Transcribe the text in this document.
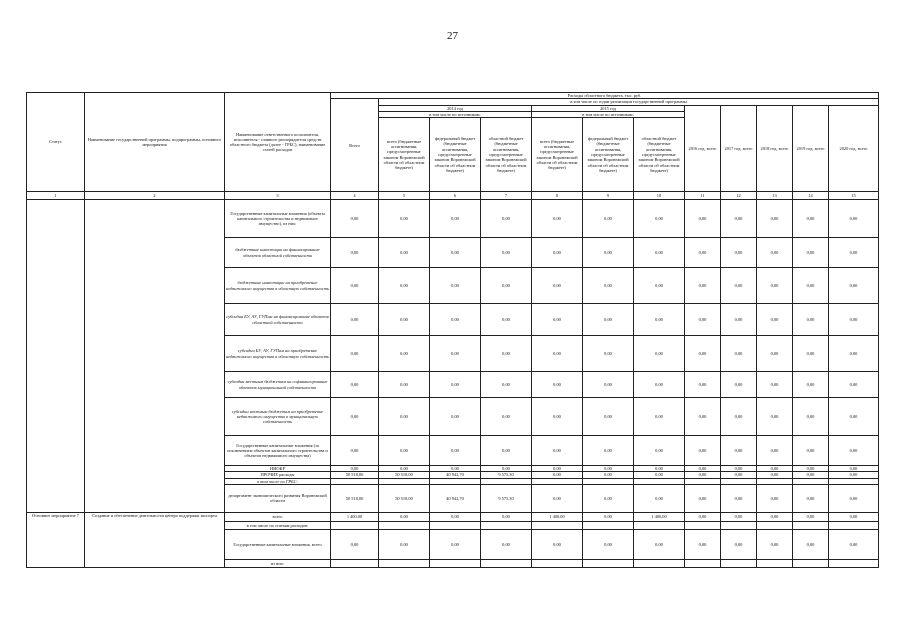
27
Статус	Наименование государственной программы, подпрограммы, основного мероприятия	Наименование ответственного исполнителя, исполнителя - главного распорядителя средств областного бюджета (далее - ГРБС), наименование статей расходов	Расходы областного бюджета, тыс. руб.											
			Всего	в том числе по годам реализации государственной программы										
				2014 год			2015 год			2016 год, всего	2017 год, всего	2018 год, всего	2019 год, всего	2020 год, всего
				в том числе по источникам:			в том числе по источникам:							
				всего (бюджетные ассигнования, предусмотренные законом Воронежской области об областном бюджете)	федеральный бюджет (бюджетные ассигнования, предусмотренные законом Воронежской области об областном бюджете)	областной бюджет (бюджетные ассигнования, предусмотренные законом Воронежской области об областном бюджете)	всего (бюджетные ассигнования, предусмотренные законом Воронежской области об областном бюджете)	федеральный бюджет (бюджетные ассигнования, предусмотренные законом Воронежской области об областном бюджете)	областной бюджет (бюджетные ассигнования, предусмотренные законом Воронежской области об областном бюджете)					
1	2	3	4	5	6	7	8	9	10	11	12	13	14	15
		Государственные капитальные вложения (объекты капитального строительства и недвижимое имущество), из них:	0,00	0,00	0,00	0,00	0,00	0,00	0,00	0,00	0,00	0,00	0,00	0,00
		бюджетные инвестиции на финансирование объектов областной собственности	0,00	0,00	0,00	0,00	0,00	0,00	0,00	0,00	0,00	0,00	0,00	0,00
		бюджетные инвестиции на приобретение недвижимого имущества в областную собственность	0,00	0,00	0,00	0,00	0,00	0,00	0,00	0,00	0,00	0,00	0,00	0,00
		субсидии БУ, АУ, ГУПам на финансирование объектов областной собственности	0,00	0,00	0,00	0,00	0,00	0,00	0,00	0,00	0,00	0,00	0,00	0,00
		субсидии БУ, АУ, ГУПам на приобретение недвижимого имущества в областную собственность	0,00	0,00	0,00	0,00	0,00	0,00	0,00	0,00	0,00	0,00	0,00	0,00
		субсидии местным бюджетам на софинансирование объектов муниципальной собственности	0,00	0,00	0,00	0,00	0,00	0,00	0,00	0,00	0,00	0,00	0,00	0,00
		субсидии местным бюджетам на приобретение недвижимого имущества в муниципальную собственность	0,00	0,00	0,00	0,00	0,00	0,00	0,00	0,00	0,00	0,00	0,00	0,00
		Государственные капитальные вложения (за исключением объектов капитального строительства и объектов недвижимого имущества)	0,00	0,00	0,00	0,00	0,00	0,00	0,00	0,00	0,00	0,00	0,00	0,00
		НИОКР	0,00	0,00	0,00	0,00	0,00	0,00	0,00	0,00	0,00	0,00	0,00	0,00
		ПРОЧИЕ расходы	50 518,00	50 518,00	40 942,70	9 575,30	0,00	0,00	0,00	0,00	0,00	0,00	0,00	0,00
		в том числе по ГРБС:												
		департамент экономического развития Воронежской области	50 518,00	50 518,00	40 942,70	9 575,30	0,00	0,00	0,00	0,00	0,00	0,00	0,00	0,00
Основное мероприятие 7	Создание и обеспечение деятельности центра поддержки экспорта	всего	1 400,00	0,00	0,00	0,00	1 400,00	0,00	1 400,00	0,00	0,00	0,00	0,00	0,00
		в том числе по статьям расходов:												
		Государственные капитальные вложения, всего	0,00	0,00	0,00	0,00	0,00	0,00	0,00	0,00	0,00	0,00	0,00	0,00
		из них:												
